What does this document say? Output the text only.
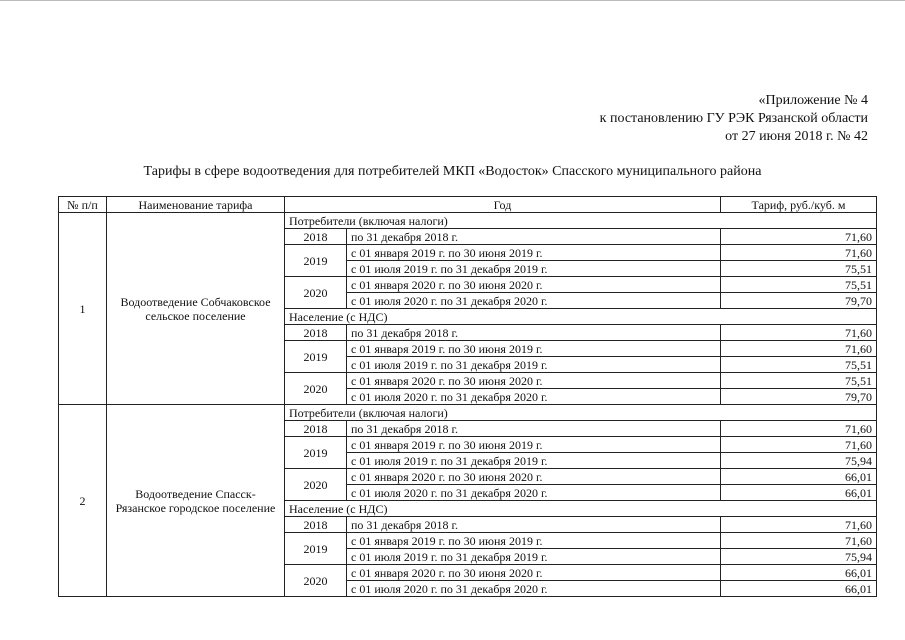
«Приложение № 4
к постановлению ГУ РЭК Рязанской области
от 27 июня 2018 г. № 42
Тарифы в сфере водоотведения для потребителей МКП «Водосток» Спасского муниципального района
№ п/п	Наименование тарифа	Год		Тариф, руб./куб. м
1	Водоотведение Собчаковское сельское поселение	Потребители (включая налоги)		
		2018	по 31 декабря 2018 г.	71,60
		2019	с 01 января 2019 г. по 30 июня 2019 г.	71,60
			с 01 июля 2019 г. по 31 декабря 2019 г.	75,51
		2020	с 01 января 2020 г. по 30 июня 2020 г.	75,51
			с 01 июля 2020 г. по 31 декабря 2020 г.	79,70
		Население (с НДС)		
		2018	по 31 декабря 2018 г.	71,60
		2019	с 01 января 2019 г. по 30 июня 2019 г.	71,60
			с 01 июля 2019 г. по 31 декабря 2019 г.	75,51
		2020	с 01 января 2020 г. по 30 июня 2020 г.	75,51
			с 01 июля 2020 г. по 31 декабря 2020 г.	79,70
2	Водоотведение Спасск-Рязанское городское поселение	Потребители (включая налоги)		
		2018	по 31 декабря 2018 г.	71,60
		2019	с 01 января 2019 г. по 30 июня 2019 г.	71,60
			с 01 июля 2019 г. по 31 декабря 2019 г.	75,94
		2020	с 01 января 2020 г. по 30 июня 2020 г.	66,01
			с 01 июля 2020 г. по 31 декабря 2020 г.	66,01
		Население (с НДС)		
		2018	по 31 декабря 2018 г.	71,60
		2019	с 01 января 2019 г. по 30 июня 2019 г.	71,60
			с 01 июля 2019 г. по 31 декабря 2019 г.	75,94
		2020	с 01 января 2020 г. по 30 июня 2020 г.	66,01
			с 01 июля 2020 г. по 31 декабря 2020 г.	66,01
